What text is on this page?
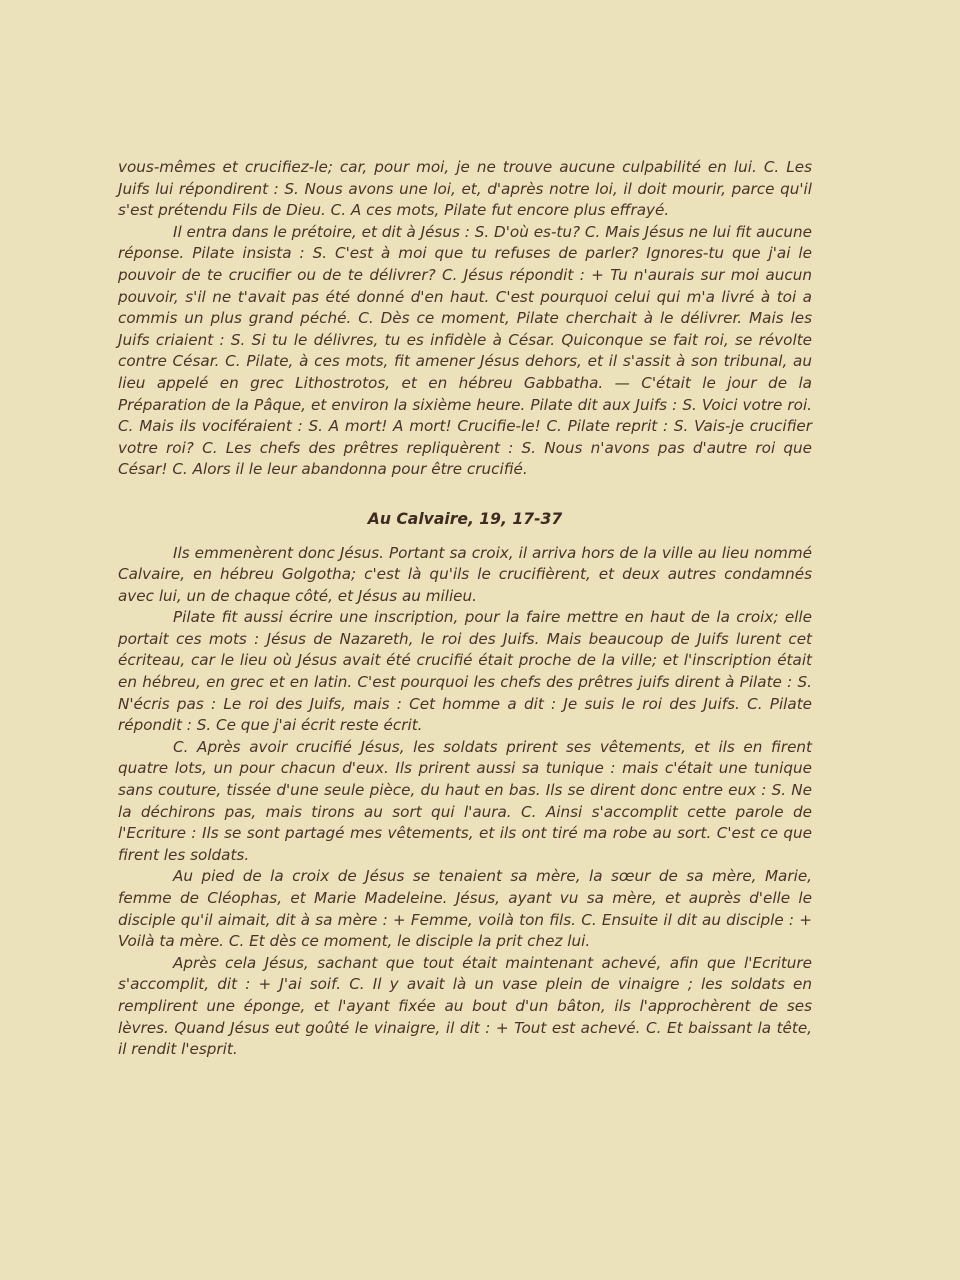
vous-mêmes et crucifiez-le; car, pour moi, je ne trouve aucune culpabilité en lui. C. Les Juifs lui répondirent : S. Nous avons une loi, et, d'après notre loi, il doit mourir, parce qu'il s'est prétendu Fils de Dieu. C. A ces mots, Pilate fut encore plus effrayé.

Il entra dans le prétoire, et dit à Jésus : S. D'où es-tu? C. Mais Jésus ne lui fit aucune réponse. Pilate insista : S. C'est à moi que tu refuses de parler? Ignores-tu que j'ai le pouvoir de te crucifier ou de te délivrer? C. Jésus répondit : + Tu n'aurais sur moi aucun pouvoir, s'il ne t'avait pas été donné d'en haut. C'est pourquoi celui qui m'a livré à toi a commis un plus grand péché. C. Dès ce moment, Pilate cherchait à le délivrer. Mais les Juifs criaient : S. Si tu le délivres, tu es infidèle à César. Quiconque se fait roi, se révolte contre César. C. Pilate, à ces mots, fit amener Jésus dehors, et il s'assit à son tribunal, au lieu appelé en grec Lithostrotos, et en hébreu Gabbatha. — C'était le jour de la Préparation de la Pâque, et environ la sixième heure. Pilate dit aux Juifs : S. Voici votre roi. C. Mais ils vociféraient : S. A mort! A mort! Crucifie-le! C. Pilate reprit : S. Vais-je crucifier votre roi? C. Les chefs des prêtres repliquèrent : S. Nous n'avons pas d'autre roi que César! C. Alors il le leur abandonna pour être crucifié.

Au Calvaire, 19, 17-37

Ils emmenèrent donc Jésus. Portant sa croix, il arriva hors de la ville au lieu nommé Calvaire, en hébreu Golgotha; c'est là qu'ils le crucifièrent, et deux autres condamnés avec lui, un de chaque côté, et Jésus au milieu.

Pilate fit aussi écrire une inscription, pour la faire mettre en haut de la croix; elle portait ces mots : Jésus de Nazareth, le roi des Juifs. Mais beaucoup de Juifs lurent cet écriteau, car le lieu où Jésus avait été crucifié était proche de la ville; et l'inscription était en hébreu, en grec et en latin. C'est pourquoi les chefs des prêtres juifs dirent à Pilate : S. N'écris pas : Le roi des Juifs, mais : Cet homme a dit : Je suis le roi des Juifs. C. Pilate répondit : S. Ce que j'ai écrit reste écrit.

C. Après avoir crucifié Jésus, les soldats prirent ses vêtements, et ils en firent quatre lots, un pour chacun d'eux. Ils prirent aussi sa tunique : mais c'était une tunique sans couture, tissée d'une seule pièce, du haut en bas. Ils se dirent donc entre eux : S. Ne la déchirons pas, mais tirons au sort qui l'aura. C. Ainsi s'accomplit cette parole de l'Ecriture : Ils se sont partagé mes vêtements, et ils ont tiré ma robe au sort. C'est ce que firent les soldats.

Au pied de la croix de Jésus se tenaient sa mère, la sœur de sa mère, Marie, femme de Cléophas, et Marie Madeleine. Jésus, ayant vu sa mère, et auprès d'elle le disciple qu'il aimait, dit à sa mère : + Femme, voilà ton fils. C. Ensuite il dit au disciple : + Voilà ta mère. C. Et dès ce moment, le disciple la prit chez lui.

Après cela Jésus, sachant que tout était maintenant achevé, afin que l'Ecriture s'accomplit, dit : + J'ai soif. C. Il y avait là un vase plein de vinaigre ; les soldats en remplirent une éponge, et l'ayant fixée au bout d'un bâton, ils l'approchèrent de ses lèvres. Quand Jésus eut goûté le vinaigre, il dit : + Tout est achevé. C. Et baissant la tête, il rendit l'esprit.
